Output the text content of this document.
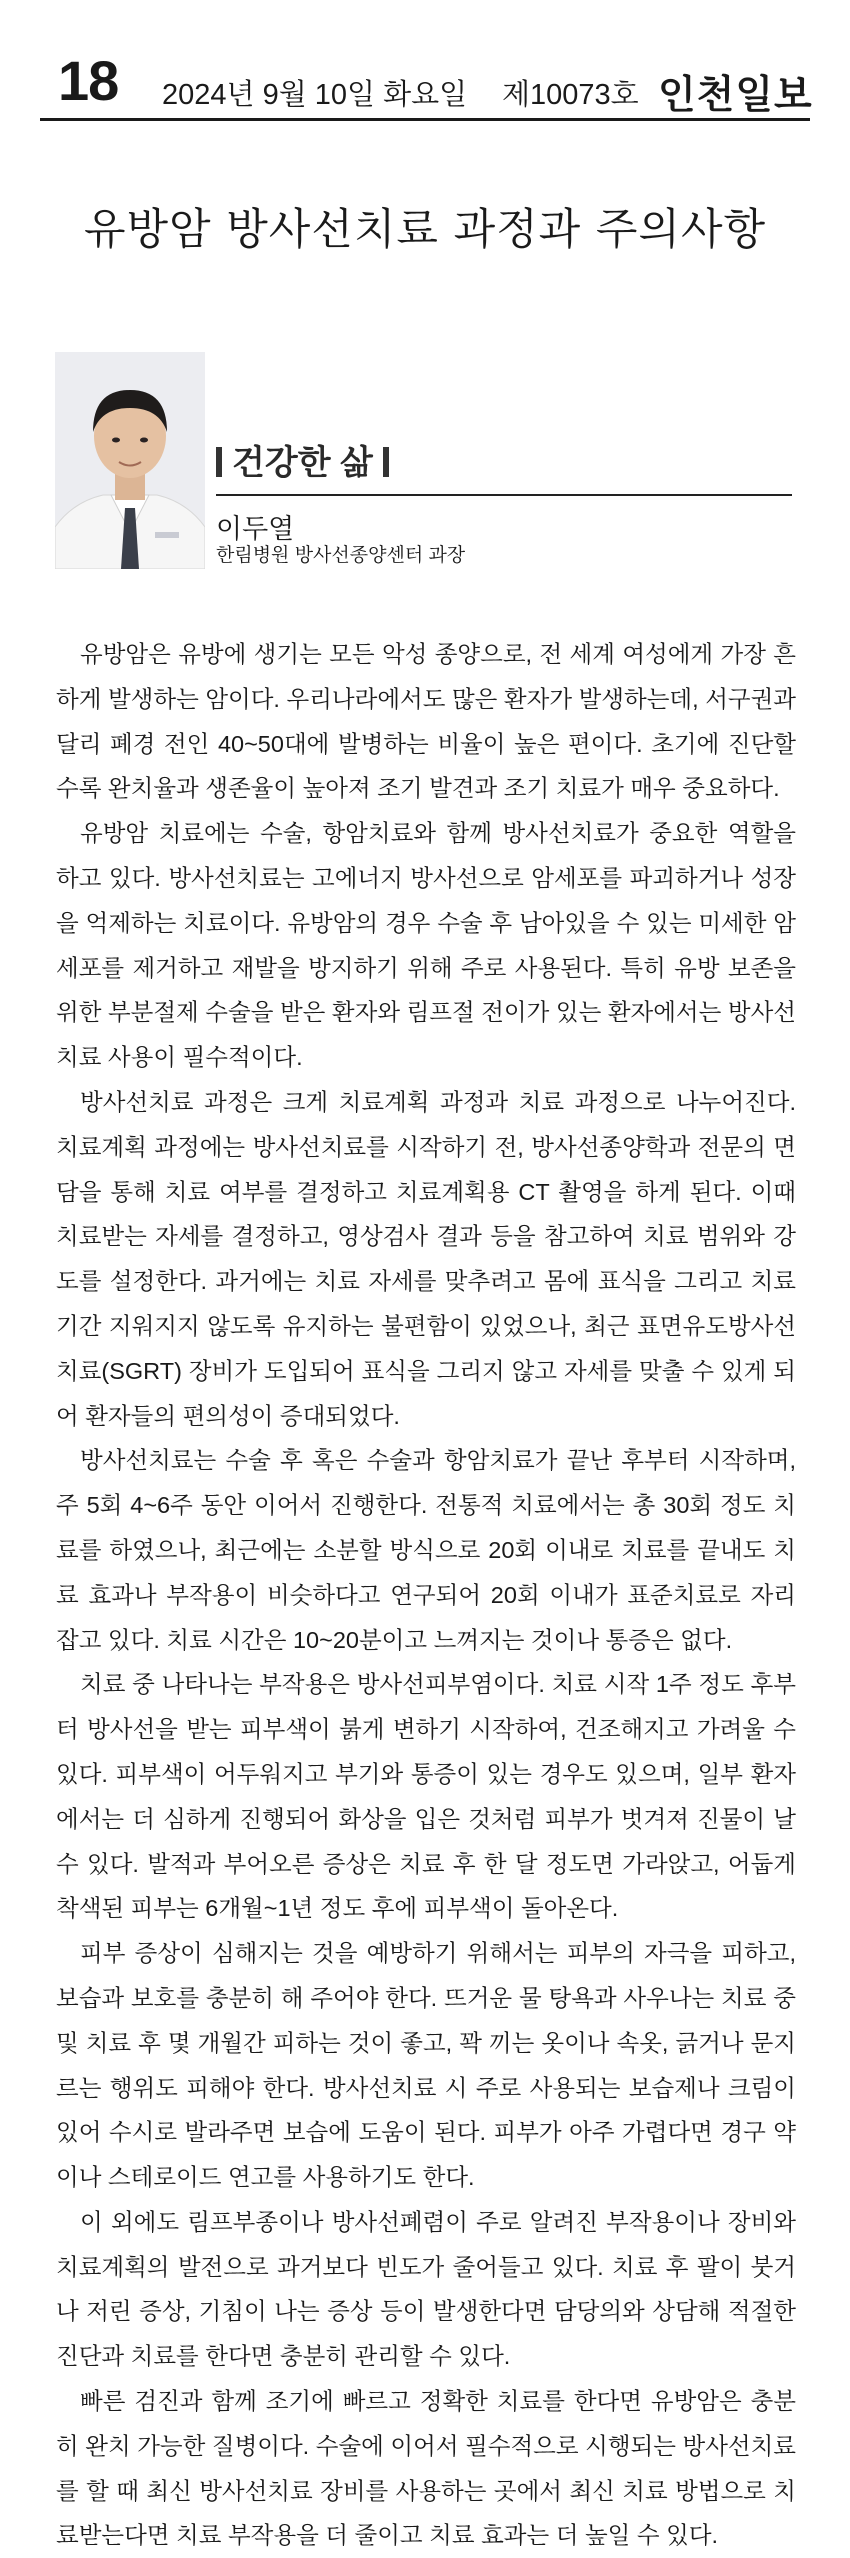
18 2024년 9월 10일 화요일 제10073호 인천일보
유방암 방사선치료 과정과 주의사항
건강한 삶
이두열
한림병원 방사선종양센터 과장

유방암은 유방에 생기는 모든 악성 종양으로, 전 세계 여성에게 가장 흔하게 발생하는 암이다. 우리나라에서도 많은 환자가 발생하는데, 서구권과 달리 폐경 전인 40~50대에 발병하는 비율이 높은 편이다. 초기에 진단할수록 완치율과 생존율이 높아져 조기 발견과 조기 치료가 매우 중요하다.

유방암 치료에는 수술, 항암치료와 함께 방사선치료가 중요한 역할을 하고 있다. 방사선치료는 고에너지 방사선으로 암세포를 파괴하거나 성장을 억제하는 치료이다. 유방암의 경우 수술 후 남아있을 수 있는 미세한 암세포를 제거하고 재발을 방지하기 위해 주로 사용된다. 특히 유방 보존을 위한 부분절제 수술을 받은 환자와 림프절 전이가 있는 환자에서는 방사선치료 사용이 필수적이다.

방사선치료 과정은 크게 치료계획 과정과 치료 과정으로 나누어진다. 치료계획 과정에는 방사선치료를 시작하기 전, 방사선종양학과 전문의 면담을 통해 치료 여부를 결정하고 치료계획용 CT 촬영을 하게 된다. 이때 치료받는 자세를 결정하고, 영상검사 결과 등을 참고하여 치료 범위와 강도를 설정한다. 과거에는 치료 자세를 맞추려고 몸에 표식을 그리고 치료 기간 지워지지 않도록 유지하는 불편함이 있었으나, 최근 표면유도방사선치료(SGRT) 장비가 도입되어 표식을 그리지 않고 자세를 맞출 수 있게 되어 환자들의 편의성이 증대되었다.

방사선치료는 수술 후 혹은 수술과 항암치료가 끝난 후부터 시작하며, 주 5회 4~6주 동안 이어서 진행한다. 전통적 치료에서는 총 30회 정도 치료를 하였으나, 최근에는 소분할 방식으로 20회 이내로 치료를 끝내도 치료 효과나 부작용이 비슷하다고 연구되어 20회 이내가 표준치료로 자리 잡고 있다. 치료 시간은 10~20분이고 느껴지는 것이나 통증은 없다.

치료 중 나타나는 부작용은 방사선피부염이다. 치료 시작 1주 정도 후부터 방사선을 받는 피부색이 붉게 변하기 시작하여, 건조해지고 가려울 수 있다. 피부색이 어두워지고 부기와 통증이 있는 경우도 있으며, 일부 환자에서는 더 심하게 진행되어 화상을 입은 것처럼 피부가 벗겨져 진물이 날 수 있다. 발적과 부어오른 증상은 치료 후 한 달 정도면 가라앉고, 어둡게 착색된 피부는 6개월~1년 정도 후에 피부색이 돌아온다.

피부 증상이 심해지는 것을 예방하기 위해서는 피부의 자극을 피하고, 보습과 보호를 충분히 해 주어야 한다. 뜨거운 물 탕욕과 사우나는 치료 중 및 치료 후 몇 개월간 피하는 것이 좋고, 꽉 끼는 옷이나 속옷, 긁거나 문지르는 행위도 피해야 한다. 방사선치료 시 주로 사용되는 보습제나 크림이 있어 수시로 발라주면 보습에 도움이 된다. 피부가 아주 가렵다면 경구 약이나 스테로이드 연고를 사용하기도 한다.

이 외에도 림프부종이나 방사선폐렴이 주로 알려진 부작용이나 장비와 치료계획의 발전으로 과거보다 빈도가 줄어들고 있다. 치료 후 팔이 붓거나 저린 증상, 기침이 나는 증상 등이 발생한다면 담당의와 상담해 적절한 진단과 치료를 한다면 충분히 관리할 수 있다.

빠른 검진과 함께 조기에 빠르고 정확한 치료를 한다면 유방암은 충분히 완치 가능한 질병이다. 수술에 이어서 필수적으로 시행되는 방사선치료를 할 때 최신 방사선치료 장비를 사용하는 곳에서 최신 치료 방법으로 치료받는다면 치료 부작용을 더 줄이고 치료 효과는 더 높일 수 있다.
